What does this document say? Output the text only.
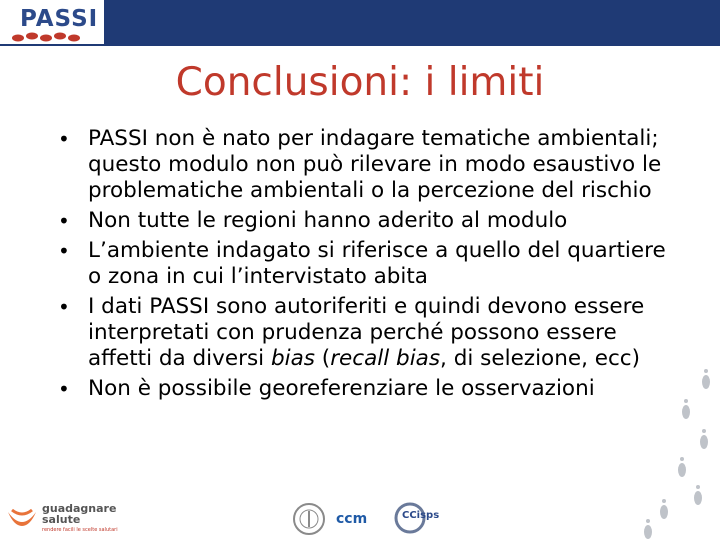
PASSI
Conclusioni: i limiti
• PASSI non è nato per indagare tematiche ambientali; questo modulo non può rilevare in modo esaustivo le problematiche ambientali o la percezione del rischio
• Non tutte le regioni hanno aderito al modulo
• L’ambiente indagato si riferisce a quello del quartiere o zona in cui l’intervistato abita
• I dati PASSI sono autoriferiti e quindi devono essere interpretati con prudenza perché possono essere affetti da diversi bias (recall bias, di selezione, ecc)
• Non è possibile georeferenziare le osservazioni
guadagnare
salute
rendere facili le scelte salutari
ccm	CCisps
